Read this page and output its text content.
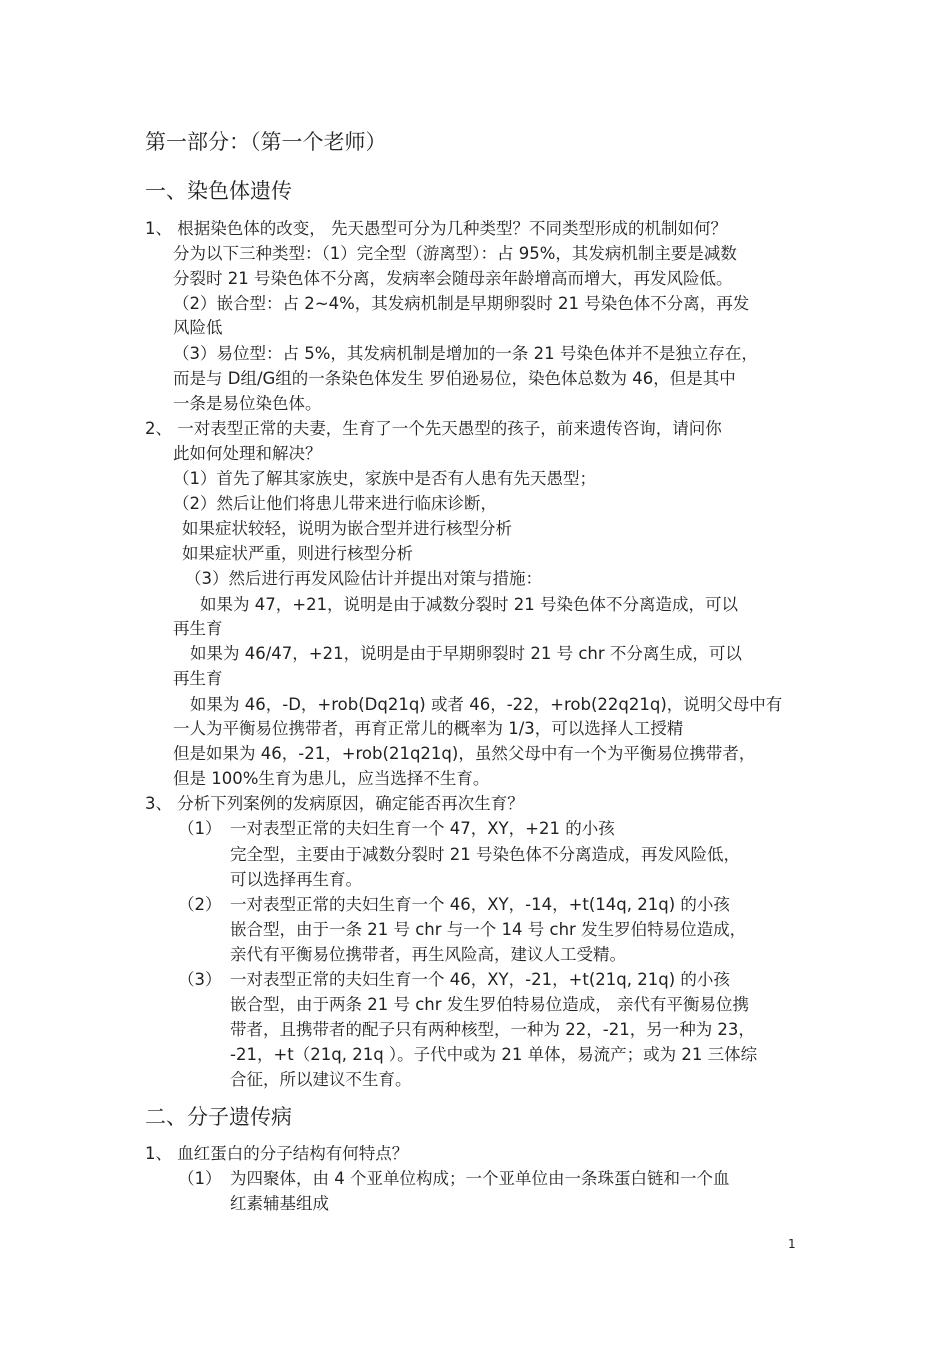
第一部分：（第一个老师）
一、染色体遗传
1、 根据染色体的改变， 先天愚型可分为几种类型？不同类型形成的机制如何？
分为以下三种类型：（1）完全型（游离型）：占 95%，其发病机制主要是减数
分裂时 21 号染色体不分离，发病率会随母亲年龄增高而增大，再发风险低。
（2）嵌合型：占 2~4%，其发病机制是早期卵裂时 21 号染色体不分离，再发
风险低
（3）易位型：占 5%，其发病机制是增加的一条 21 号染色体并不是独立存在，
而是与 D组/G组的一条染色体发生 罗伯逊易位，染色体总数为 46，但是其中
一条是易位染色体。
2、 一对表型正常的夫妻，生育了一个先天愚型的孩子，前来遗传咨询，请问你
此如何处理和解决？
（1）首先了解其家族史，家族中是否有人患有先天愚型；
（2）然后让他们将患儿带来进行临床诊断，
如果症状较轻，说明为嵌合型并进行核型分析
如果症状严重，则进行核型分析
（3）然后进行再发风险估计并提出对策与措施：
如果为 47，+21，说明是由于减数分裂时 21 号染色体不分离造成，可以
再生育
如果为 46/47，+21，说明是由于早期卵裂时 21 号 chr 不分离生成，可以
再生育
如果为 46，-D，+rob(Dq21q) 或者 46，-22，+rob(22q21q)，说明父母中有
一人为平衡易位携带者，再育正常儿的概率为 1/3，可以选择人工授精
但是如果为 46，-21，+rob(21q21q)，虽然父母中有一个为平衡易位携带者，
但是 100%生育为患儿，应当选择不生育。
3、 分析下列案例的发病原因，确定能否再次生育？
（1） 一对表型正常的夫妇生育一个 47，XY，+21 的小孩
完全型，主要由于减数分裂时 21 号染色体不分离造成，再发风险低，
可以选择再生育。
（2） 一对表型正常的夫妇生育一个 46，XY，-14，+t(14q, 21q) 的小孩
嵌合型，由于一条 21 号 chr 与一个 14 号 chr 发生罗伯特易位造成，
亲代有平衡易位携带者，再生风险高，建议人工受精。
（3） 一对表型正常的夫妇生育一个 46，XY，-21，+t(21q, 21q) 的小孩
嵌合型，由于两条 21 号 chr 发生罗伯特易位造成， 亲代有平衡易位携
带者，且携带者的配子只有两种核型，一种为 22，-21，另一种为 23，
-21，+t（21q, 21q ）。子代中或为 21 单体，易流产；或为 21 三体综
合征，所以建议不生育。
二、分子遗传病
1、 血红蛋白的分子结构有何特点？
（1） 为四聚体，由 4 个亚单位构成；一个亚单位由一条珠蛋白链和一个血
红素辅基组成
1
